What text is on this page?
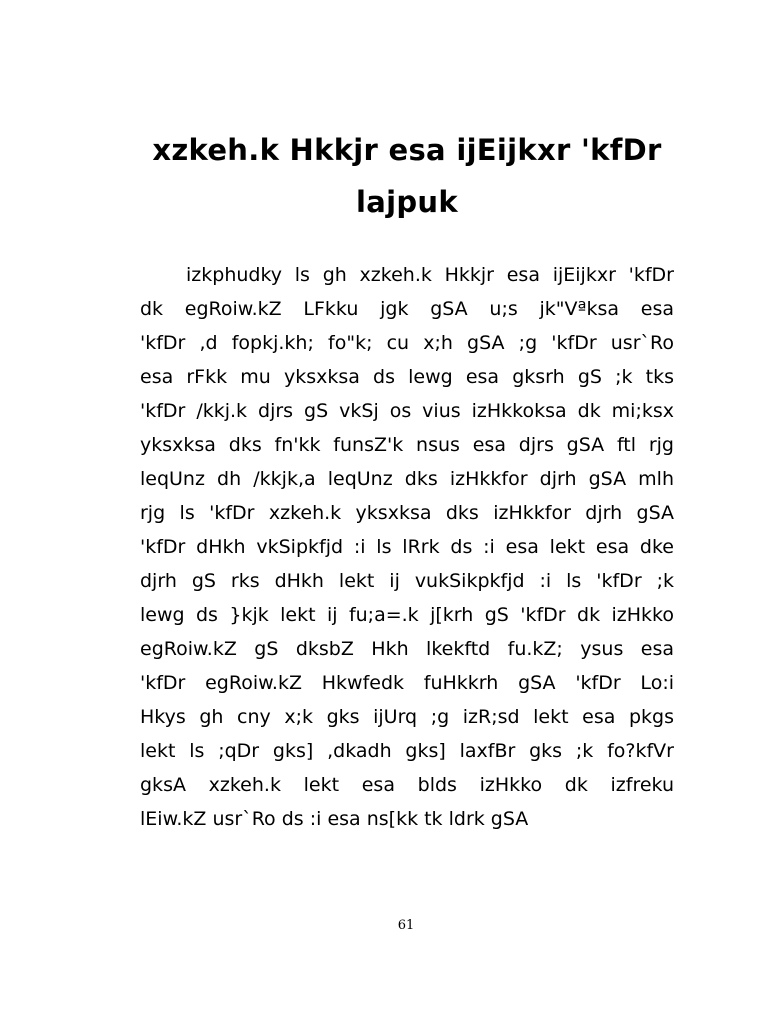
xzkeh.k Hkkjr esa ijEijkxr 'kfDr
lajpuk
izkphudky ls gh xzkeh.k Hkkjr esa ijEijkxr 'kfDr
dk egRoiw.kZ LFkku jgk gSA u;s jk"Vªksa esa
'kfDr ,d fopkj.kh; fo"k; cu x;h gSA ;g 'kfDr usr`Ro
esa rFkk mu yksxksa ds lewg esa gksrh gS ;k tks
'kfDr /kkj.k djrs gS vkSj os vius izHkkoksa dk mi;ksx
yksxksa dks fn'kk funsZ'k nsus esa djrs gSA ftl rjg
leqUnz dh /kkjk,a leqUnz dks izHkkfor djrh gSA mlh
rjg ls 'kfDr xzkeh.k yksxksa dks izHkkfor djrh gSA
'kfDr dHkh vkSipkfjd :i ls lRrk ds :i esa lekt esa dke
djrh gS rks dHkh lekt ij vukSikpkfjd :i ls 'kfDr ;k
lewg ds }kjk lekt ij fu;a=.k j[krh gS 'kfDr dk izHkko
egRoiw.kZ gS dksbZ Hkh lkekftd fu.kZ; ysus esa
'kfDr egRoiw.kZ Hkwfedk fuHkkrh gSA 'kfDr Lo:i
Hkys gh cny x;k gks ijUrq ;g izR;sd lekt esa pkgs
lekt ls ;qDr gks] ,dkadh gks] laxfBr gks ;k fo?kfVr
gksA xzkeh.k lekt esa blds izHkko dk izfreku
lEiw.kZ usr`Ro ds :i esa ns[kk tk ldrk gSA
61
